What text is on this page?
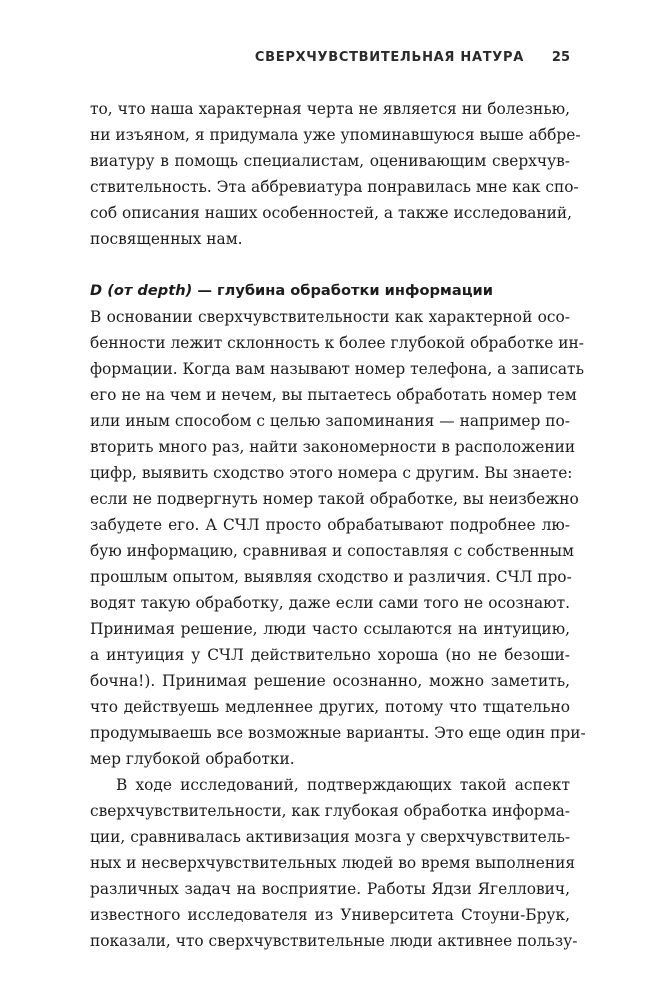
СВЕРХЧУВСТВИТЕЛЬНАЯ НАТУРА 25
то, что наша характерная черта не является ни болезнью,
ни изъяном, я придумала уже упоминавшуюся выше аббре-
виатуру в помощь специалистам, оценивающим сверхчув-
ствительность. Эта аббревиатура понравилась мне как спо-
соб описания наших особенностей, а также исследований,
посвященных нам.
D (от depth) — глубина обработки информации
В основании сверхчувствительности как характерной осо-
бенности лежит склонность к более глубокой обработке ин-
формации. Когда вам называют номер телефона, а записать
его не на чем и нечем, вы пытаетесь обработать номер тем
или иным способом с целью запоминания — например по-
вторить много раз, найти закономерности в расположении
цифр, выявить сходство этого номера с другим. Вы знаете:
если не подвергнуть номер такой обработке, вы неизбежно
забудете его. А СЧЛ просто обрабатывают подробнее лю-
бую информацию, сравнивая и сопоставляя с собственным
прошлым опытом, выявляя сходство и различия. СЧЛ про-
водят такую обработку, даже если сами того не осознают.
Принимая решение, люди часто ссылаются на интуицию,
а интуиция у СЧЛ действительно хороша (но не безоши-
бочна!). Принимая решение осознанно, можно заметить,
что действуешь медленнее других, потому что тщательно
продумываешь все возможные варианты. Это еще один при-
мер глубокой обработки.
В ходе исследований, подтверждающих такой аспект
сверхчувствительности, как глубокая обработка информа-
ции, сравнивалась активизация мозга у сверхчувствитель-
ных и несверхчувствительных людей во время выполнения
различных задач на восприятие. Работы Ядзи Ягеллович,
известного исследователя из Университета Стоуни-Брук,
показали, что сверхчувствительные люди активнее пользу-
